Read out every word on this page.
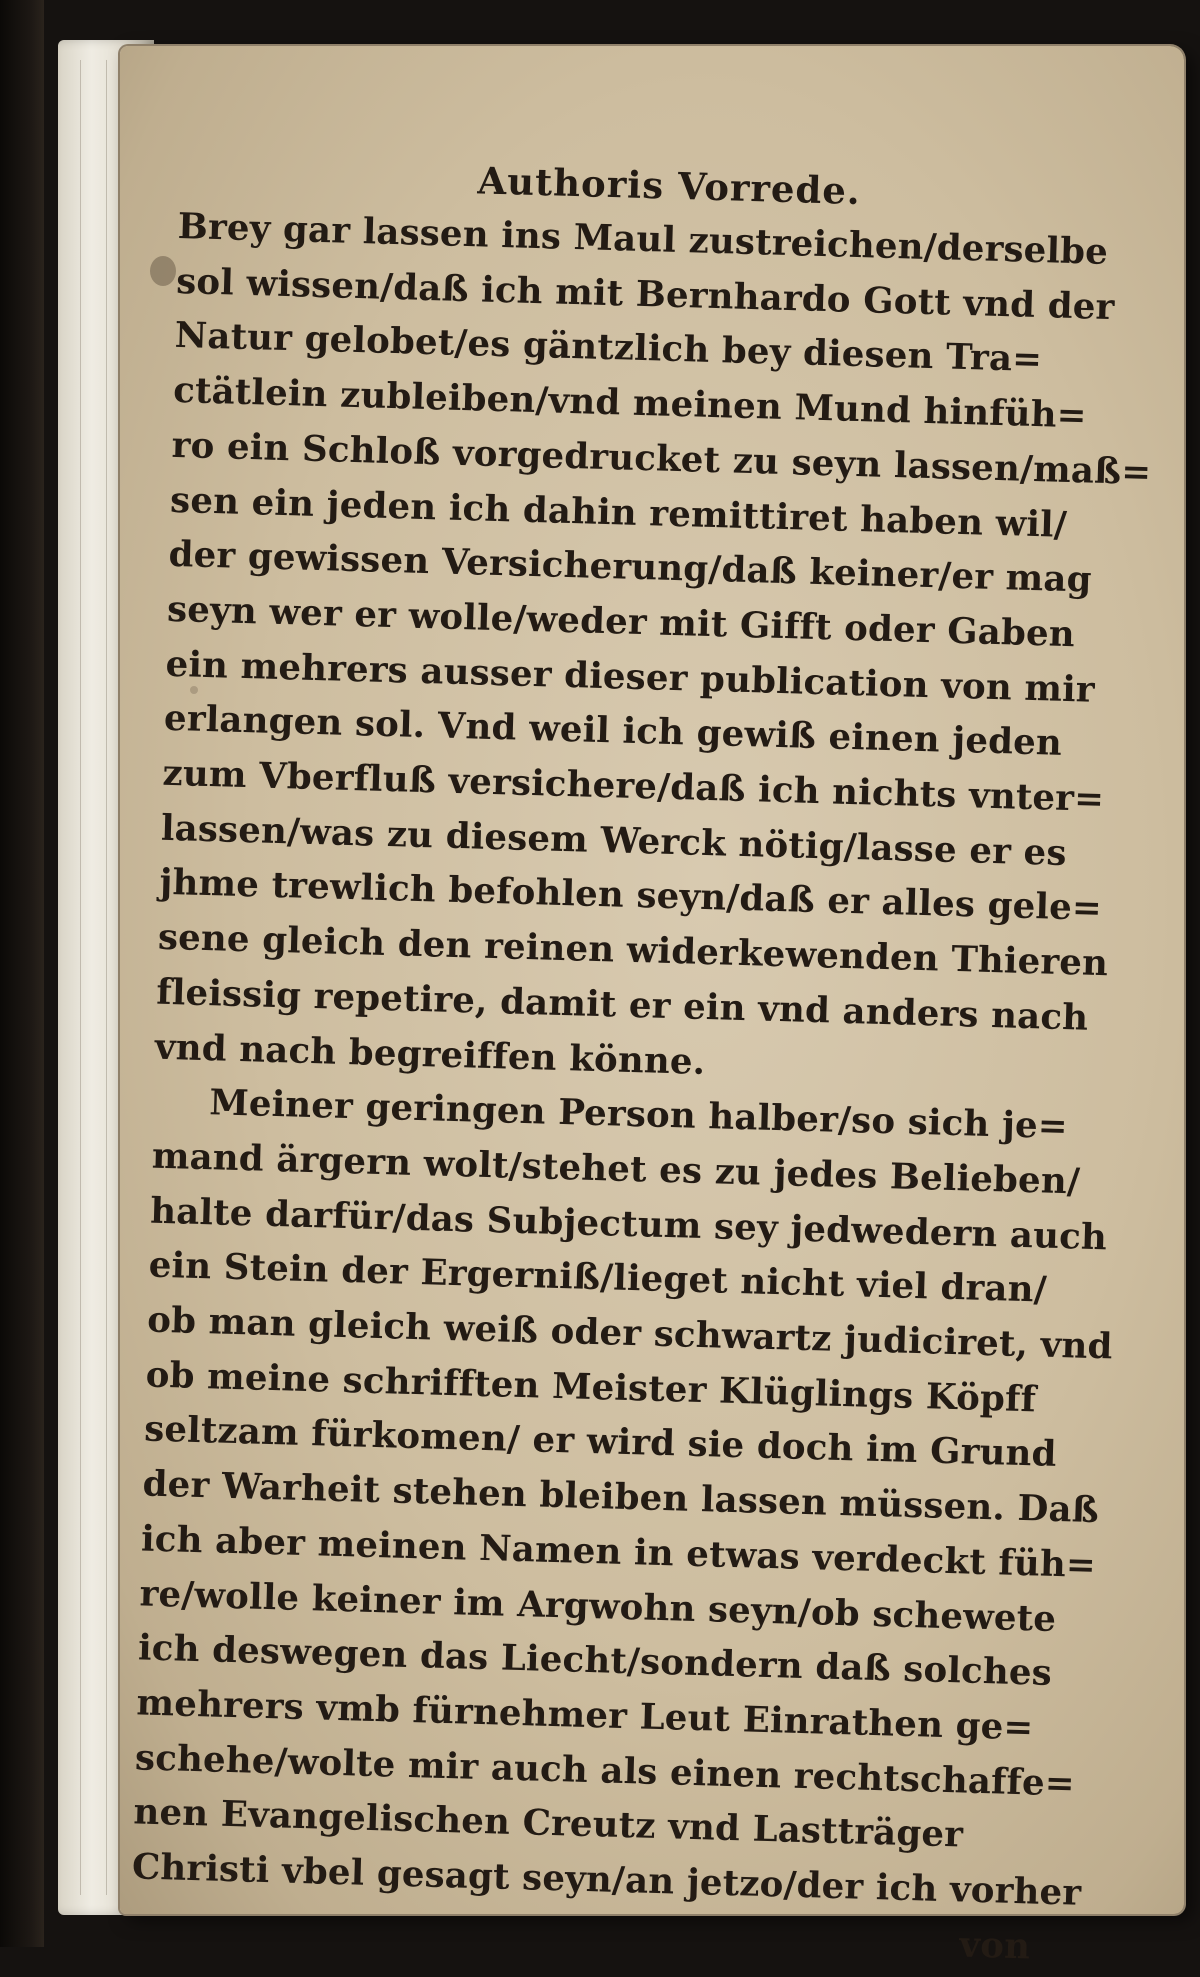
Authoris Vorrede.
Brey gar lassen ins Maul zustreichen/derselbe
sol wissen/daß ich mit Bernhardo Gott vnd der
Natur gelobet/es gäntzlich bey diesen Tra=
ctätlein zubleiben/vnd meinen Mund hinfüh=
ro ein Schloß vorgedrucket zu seyn lassen/maß=
sen ein jeden ich dahin remittiret haben wil/
der gewissen Versicherung/daß keiner/er mag
seyn wer er wolle/weder mit Gifft oder Gaben
ein mehrers ausser dieser publication von mir
erlangen sol. Vnd weil ich gewiß einen jeden
zum Vberfluß versichere/daß ich nichts vnter=
lassen/was zu diesem Werck nötig/lasse er es
jhme trewlich befohlen seyn/daß er alles gele=
sene gleich den reinen widerkewenden Thieren
fleissig repetire, damit er ein vnd anders nach
vnd nach begreiffen könne.
Meiner geringen Person halber/so sich je=
mand ärgern wolt/stehet es zu jedes Belieben/
halte darfür/das Subjectum sey jedwedern auch
ein Stein der Ergerniß/lieget nicht viel dran/
ob man gleich weiß oder schwartz judiciret, vnd
ob meine schrifften Meister Klüglings Köpff
seltzam fürkomen/ er wird sie doch im Grund
der Warheit stehen bleiben lassen müssen. Daß
ich aber meinen Namen in etwas verdeckt füh=
re/wolle keiner im Argwohn seyn/ob schewete
ich deswegen das Liecht/sondern daß solches
mehrers vmb fürnehmer Leut Einrathen ge=
schehe/wolte mir auch als einen rechtschaffe=
nen Evangelischen Creutz vnd Lastträger
Christi vbel gesagt seyn/an jetzo/der ich vorher
von
